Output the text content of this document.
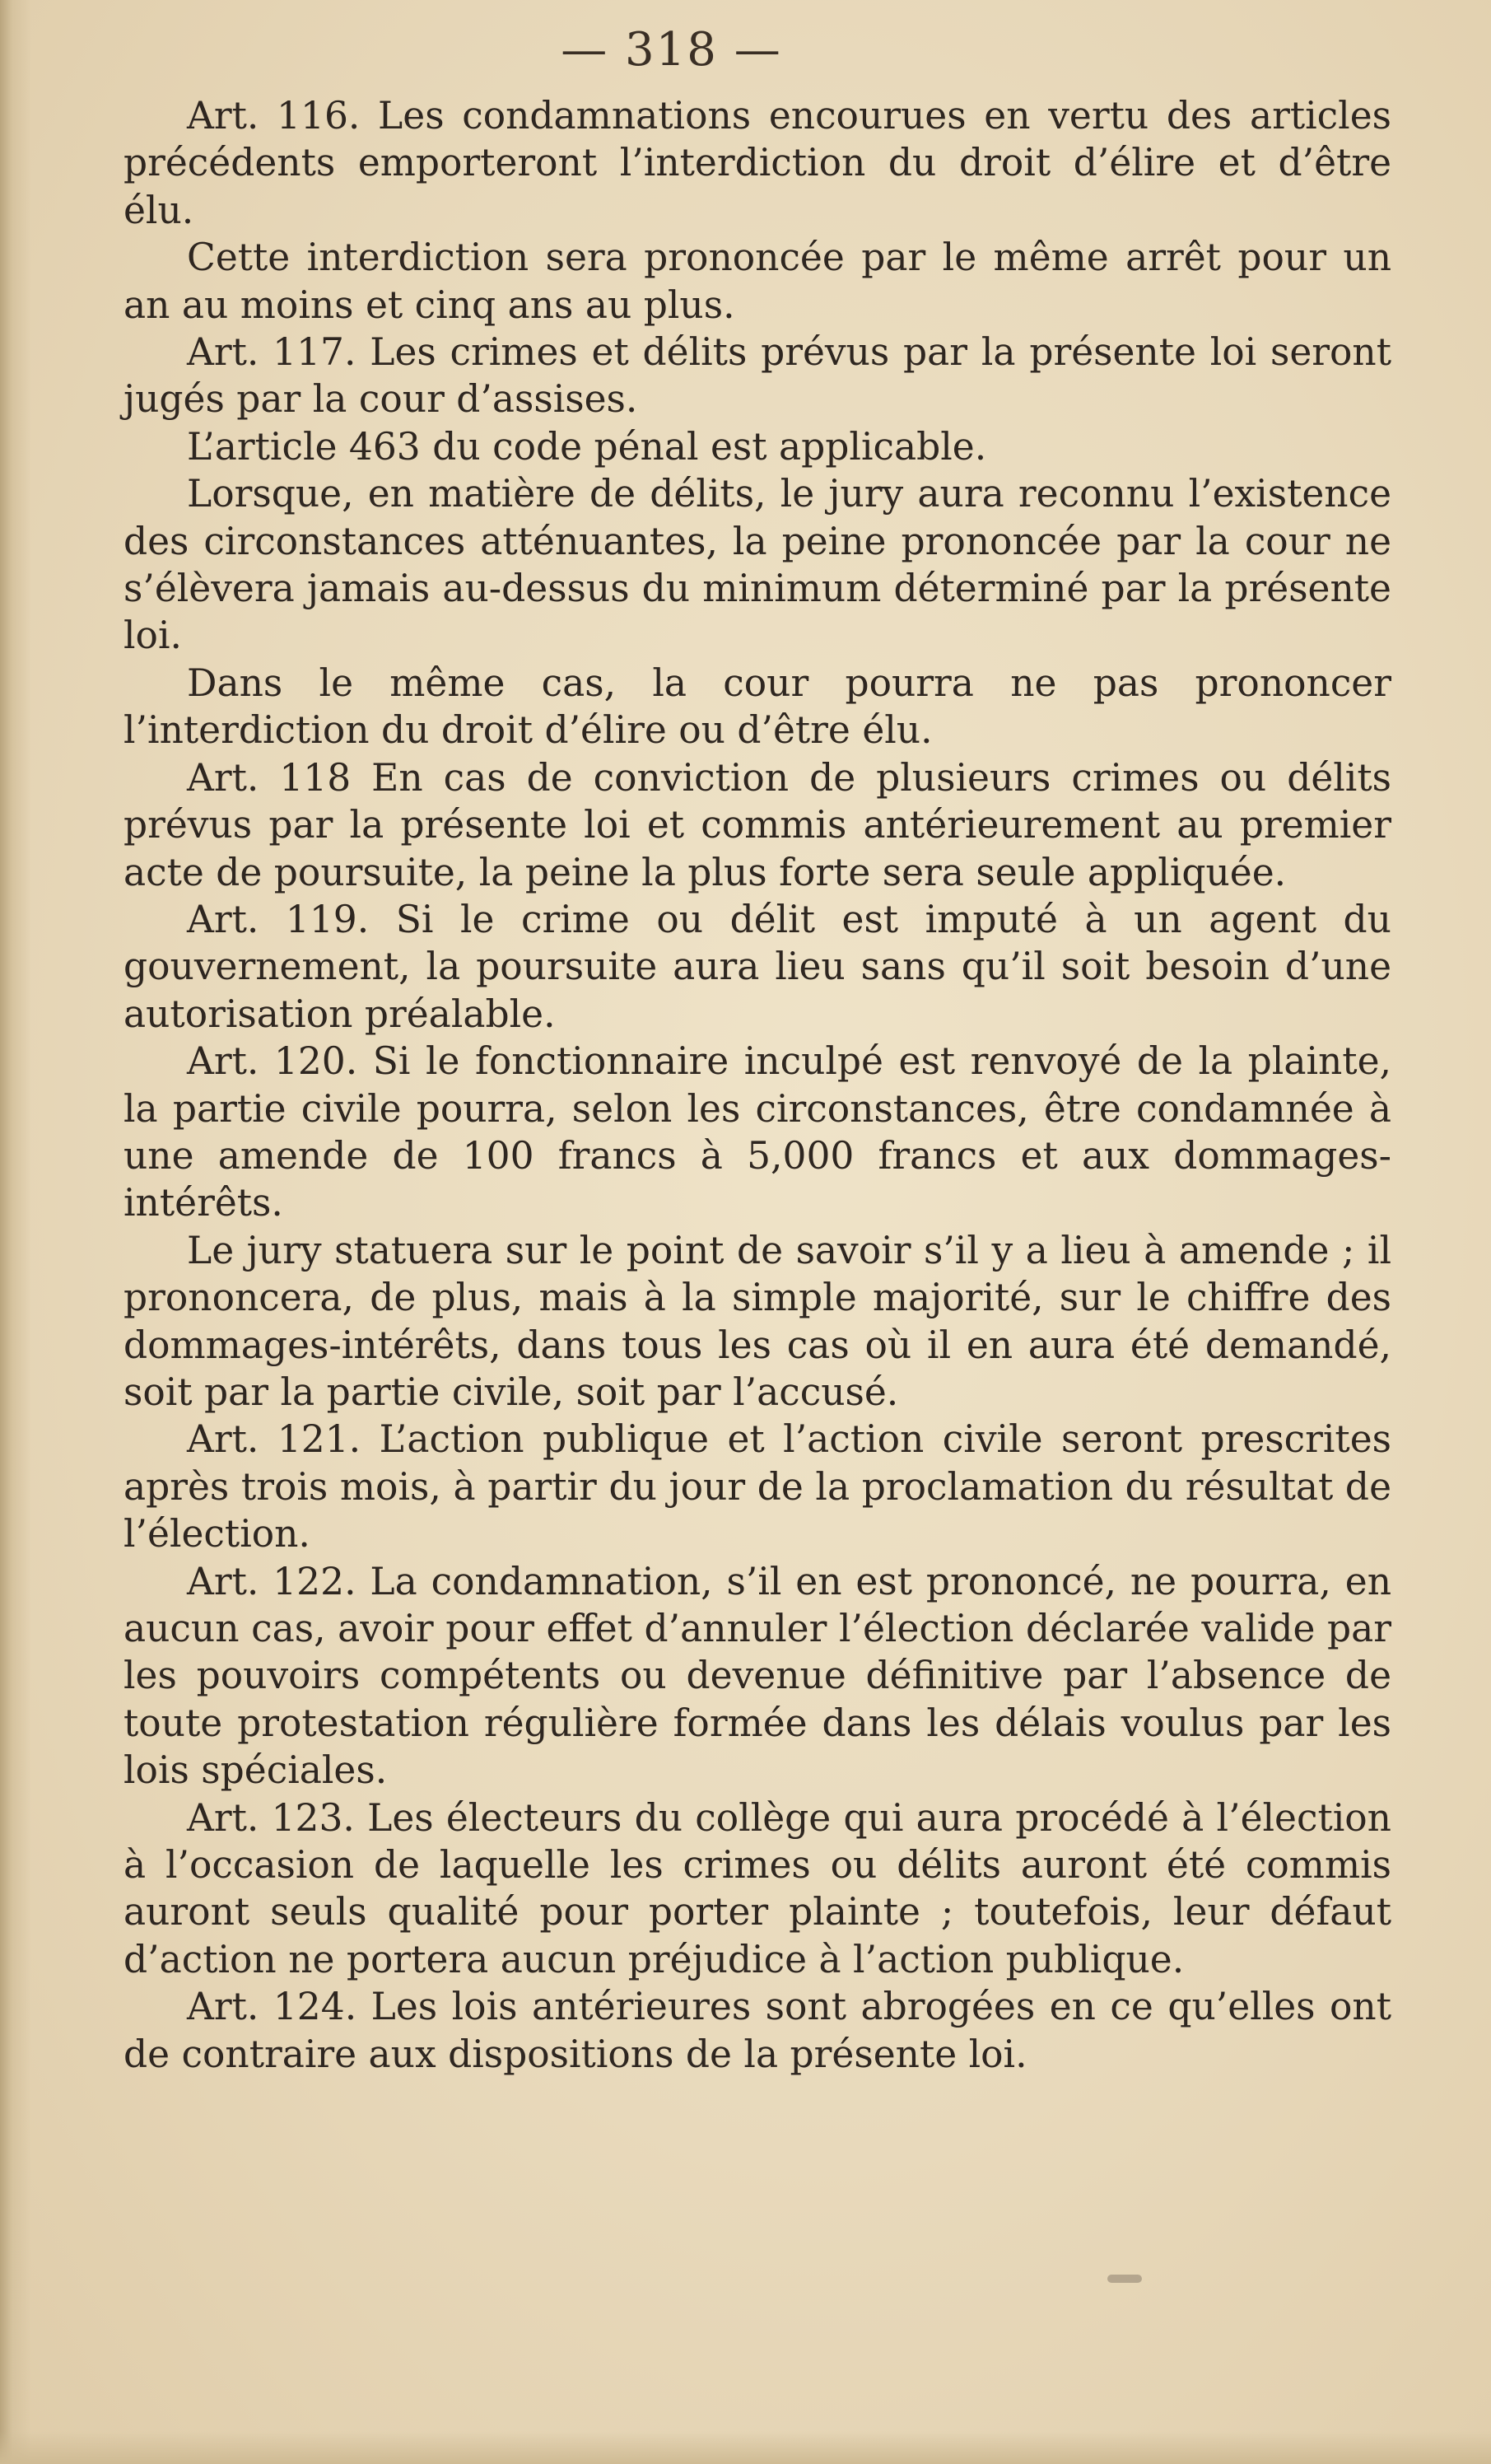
— 318 —

Art. 116. Les condamnations encourues en vertu des articles précédents emporteront l’interdiction du droit d’élire et d’être élu.

Cette interdiction sera prononcée par le même arrêt pour un an au moins et cinq ans au plus.

Art. 117. Les crimes et délits prévus par la présente loi seront jugés par la cour d’assises.

L’article 463 du code pénal est applicable.

Lorsque, en matière de délits, le jury aura reconnu l’existence des circonstances atténuantes, la peine prononcée par la cour ne s’élèvera jamais au-dessus du minimum déterminé par la présente loi.

Dans le même cas, la cour pourra ne pas prononcer l’interdiction du droit d’élire ou d’être élu.

Art. 118 En cas de conviction de plusieurs crimes ou délits prévus par la présente loi et commis antérieurement au premier acte de poursuite, la peine la plus forte sera seule appliquée.

Art. 119. Si le crime ou délit est imputé à un agent du gouvernement, la poursuite aura lieu sans qu’il soit besoin d’une autorisation préalable.

Art. 120. Si le fonctionnaire inculpé est renvoyé de la plainte, la partie civile pourra, selon les circonstances, être condamnée à une amende de 100 francs à 5,000 francs et aux dommages-intérêts.

Le jury statuera sur le point de savoir s’il y a lieu à amende ; il prononcera, de plus, mais à la simple majorité, sur le chiffre des dommages-intérêts, dans tous les cas où il en aura été demandé, soit par la partie civile, soit par l’accusé.

Art. 121. L’action publique et l’action civile seront prescrites après trois mois, à partir du jour de la proclamation du résultat de l’élection.

Art. 122. La condamnation, s’il en est prononcé, ne pourra, en aucun cas, avoir pour effet d’annuler l’élection déclarée valide par les pouvoirs compétents ou devenue définitive par l’absence de toute protestation régulière formée dans les délais voulus par les lois spéciales.

Art. 123. Les électeurs du collège qui aura procédé à l’élection à l’occasion de laquelle les crimes ou délits auront été commis auront seuls qualité pour porter plainte ; toutefois, leur défaut d’action ne portera aucun préjudice à l’action publique.

Art. 124. Les lois antérieures sont abrogées en ce qu’elles ont de contraire aux dispositions de la présente loi.
